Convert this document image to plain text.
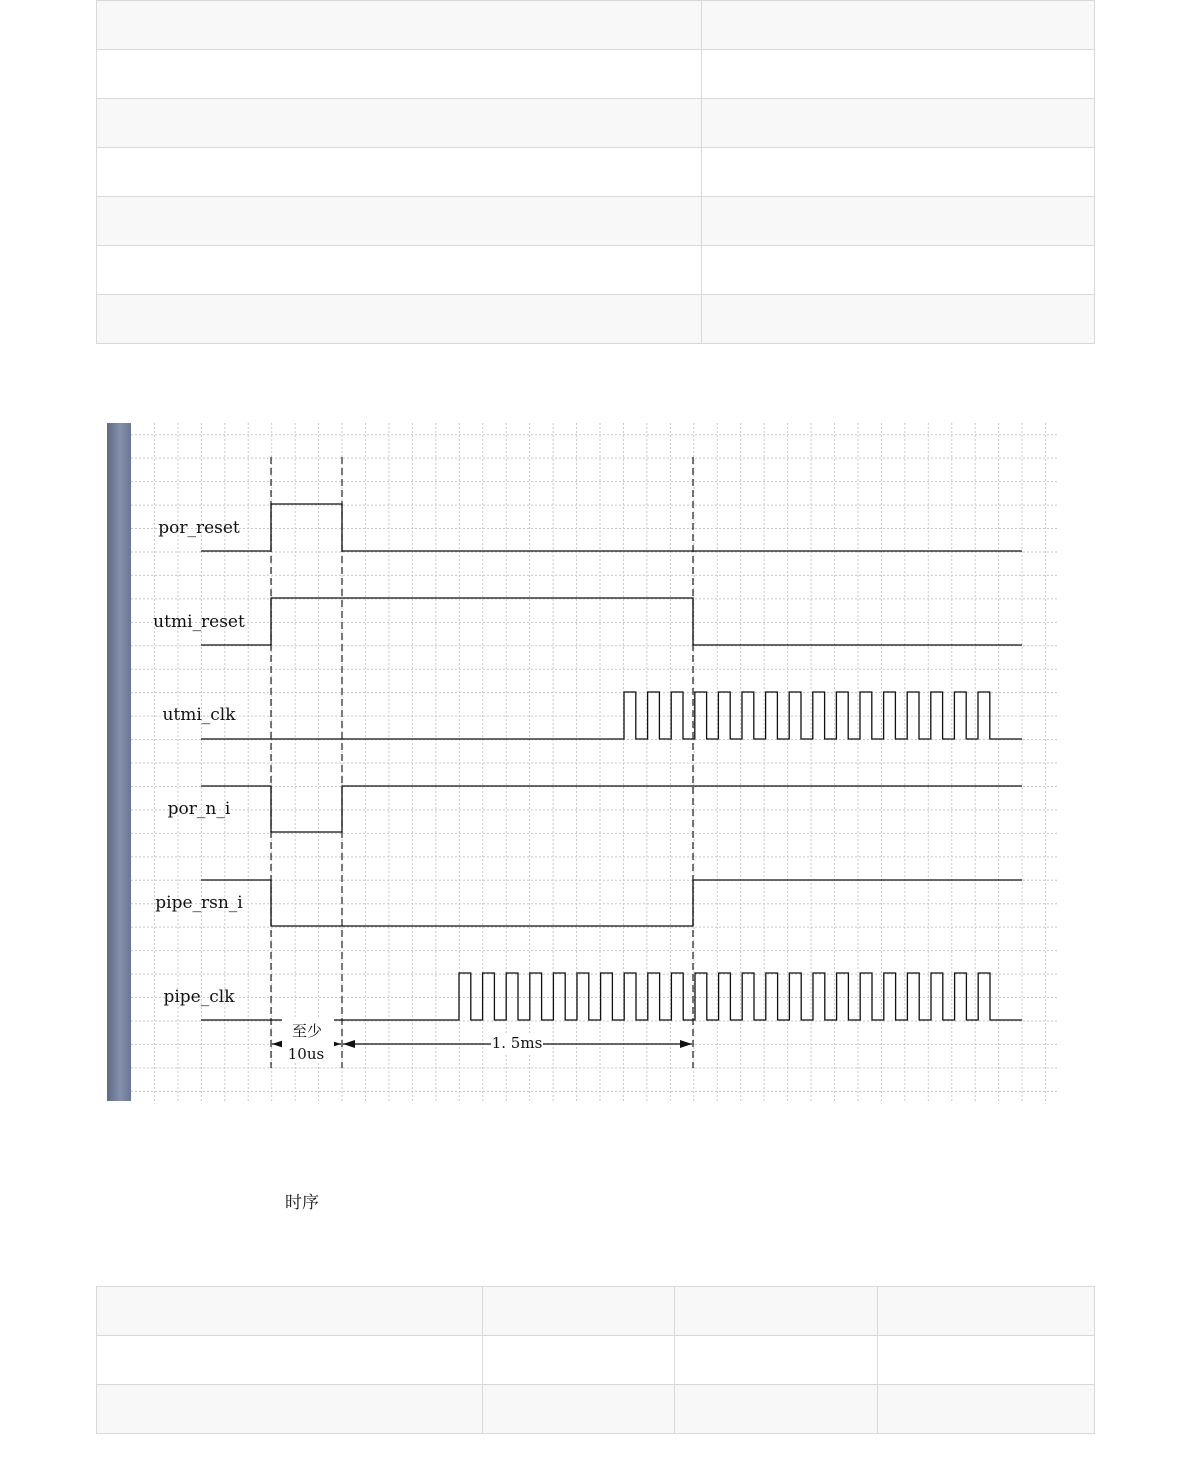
至少
10us
1. 5ms
por_reset
utmi_reset
utmi_clk
por_n_i
pipe_rsn_i
pipe_clk
时序
